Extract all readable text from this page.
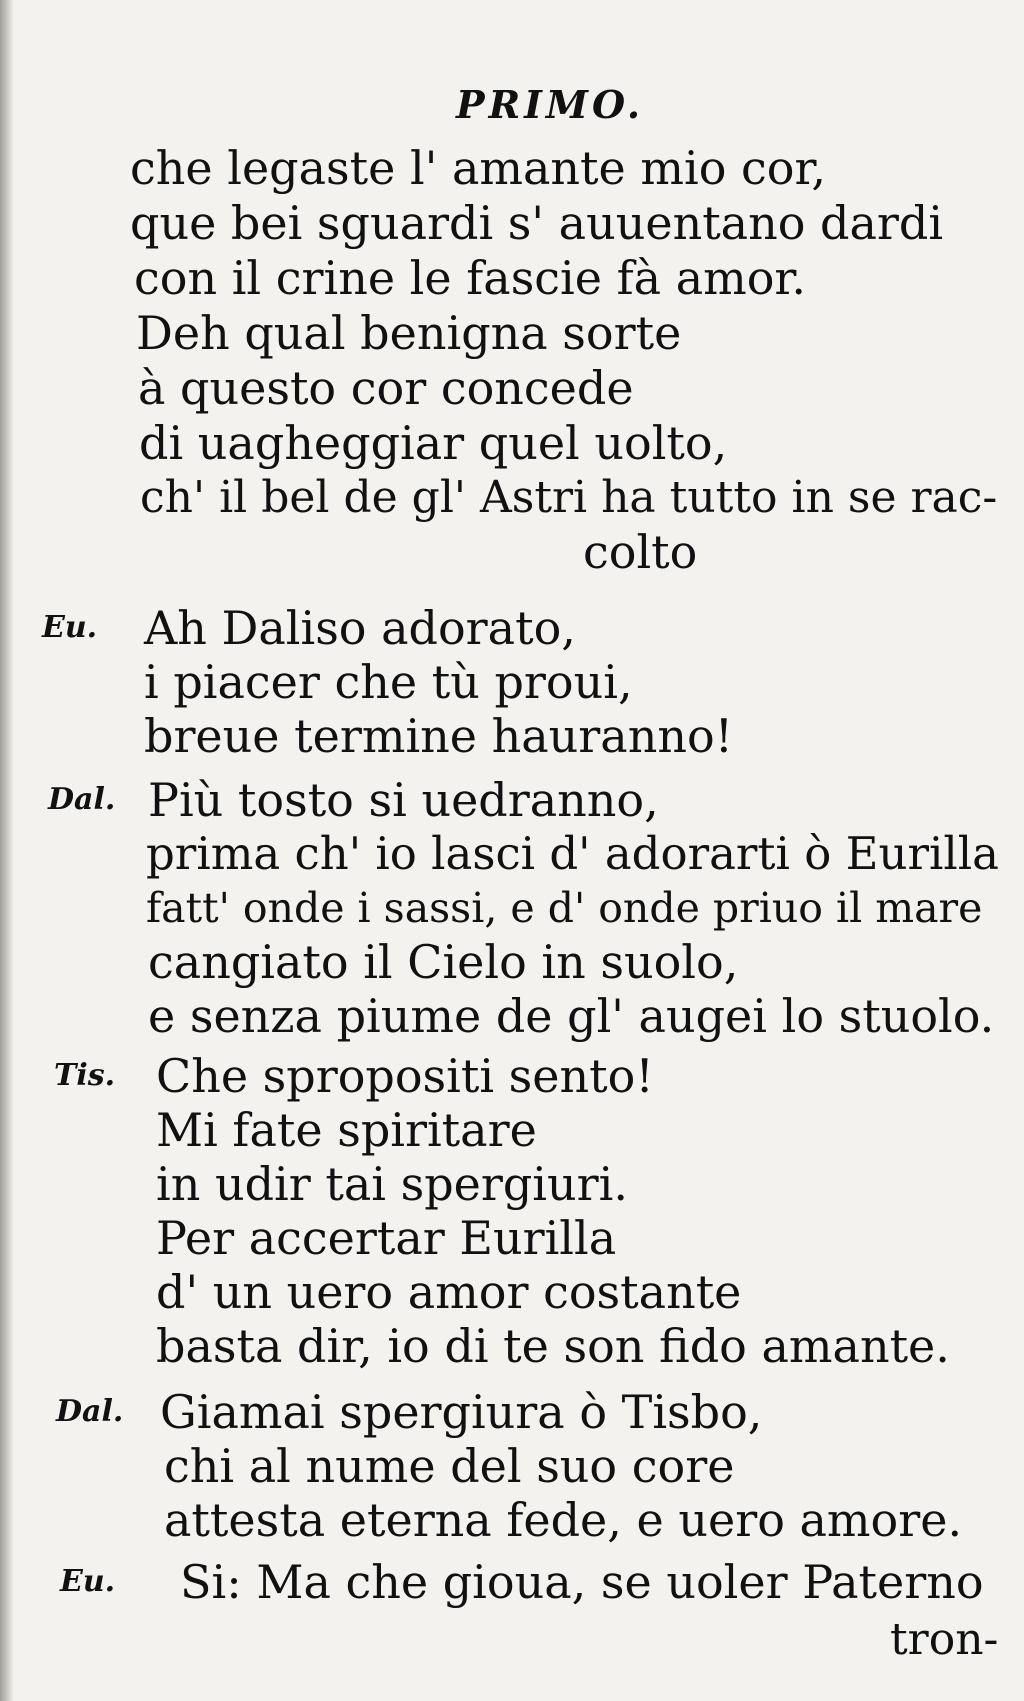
PRIMO.
che legaste l' amante mio cor,
que bei sguardi s' auuentano dardi
con il crine le fascie fà amor.
Deh qual benigna sorte
à questo cor concede
di uagheggiar quel uolto,
ch' il bel de gl' Astri ha tutto in se rac-
colto
Eu. Ah Daliso adorato,
i piacer che tù proui,
breue termine hauranno!
Dal. Più tosto si uedranno,
prima ch' io lasci d' adorarti ò Eurilla
fatt' onde i sassi, e d' onde priuo il mare
cangiato il Cielo in suolo,
e senza piume de gl' augei lo stuolo.
Tis. Che spropositi sento!
Mi fate spiritare
in udir tai spergiuri.
Per accertar Eurilla
d' un uero amor costante
basta dir, io di te son fido amante.
Dal. Giamai spergiura ò Tisbo,
chi al nume del suo core
attesta eterna fede, e uero amore.
Eu. Si: Ma che gioua, se uoler Paterno
tron-
